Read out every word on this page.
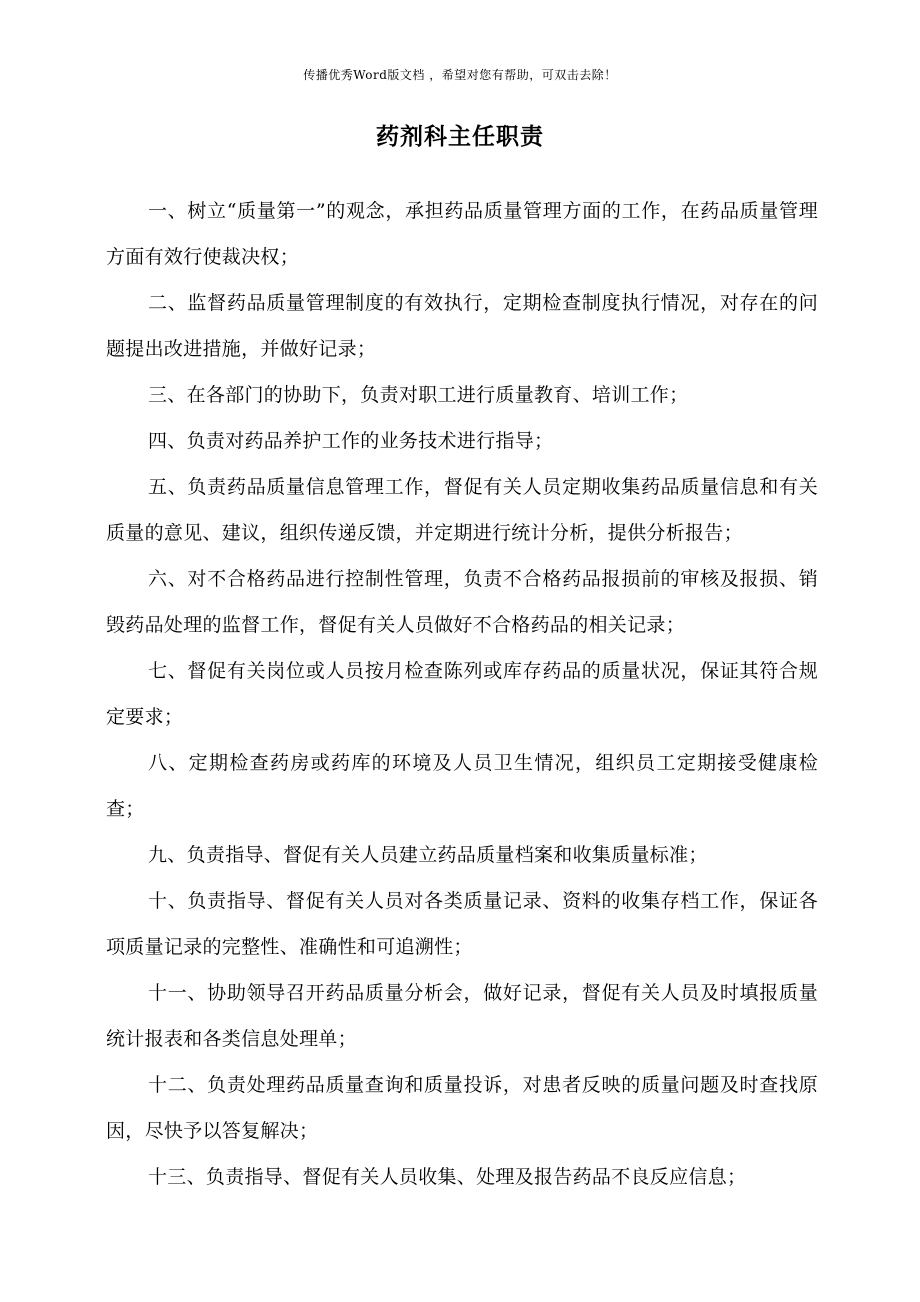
传播优秀Word版文档 ，希望对您有帮助，可双击去除！
药剂科主任职责

一、树立“质量第一”的观念，承担药品质量管理方面的工作，在药品质量管理方面有效行使裁决权；

二、监督药品质量管理制度的有效执行，定期检查制度执行情况，对存在的问题提出改进措施，并做好记录；

三、在各部门的协助下，负责对职工进行质量教育、培训工作；

四、负责对药品养护工作的业务技术进行指导；

五、负责药品质量信息管理工作，督促有关人员定期收集药品质量信息和有关质量的意见、建议，组织传递反馈，并定期进行统计分析，提供分析报告；

六、对不合格药品进行控制性管理，负责不合格药品报损前的审核及报损、销毁药品处理的监督工作，督促有关人员做好不合格药品的相关记录；

七、督促有关岗位或人员按月检查陈列或库存药品的质量状况，保证其符合规定要求；

八、定期检查药房或药库的环境及人员卫生情况，组织员工定期接受健康检查；

九、负责指导、督促有关人员建立药品质量档案和收集质量标准；

十、负责指导、督促有关人员对各类质量记录、资料的收集存档工作，保证各项质量记录的完整性、准确性和可追溯性；

十一、协助领导召开药品质量分析会，做好记录，督促有关人员及时填报质量统计报表和各类信息处理单；

十二、负责处理药品质量查询和质量投诉，对患者反映的质量问题及时查找原因，尽快予以答复解决；

十三、负责指导、督促有关人员收集、处理及报告药品不良反应信息；
